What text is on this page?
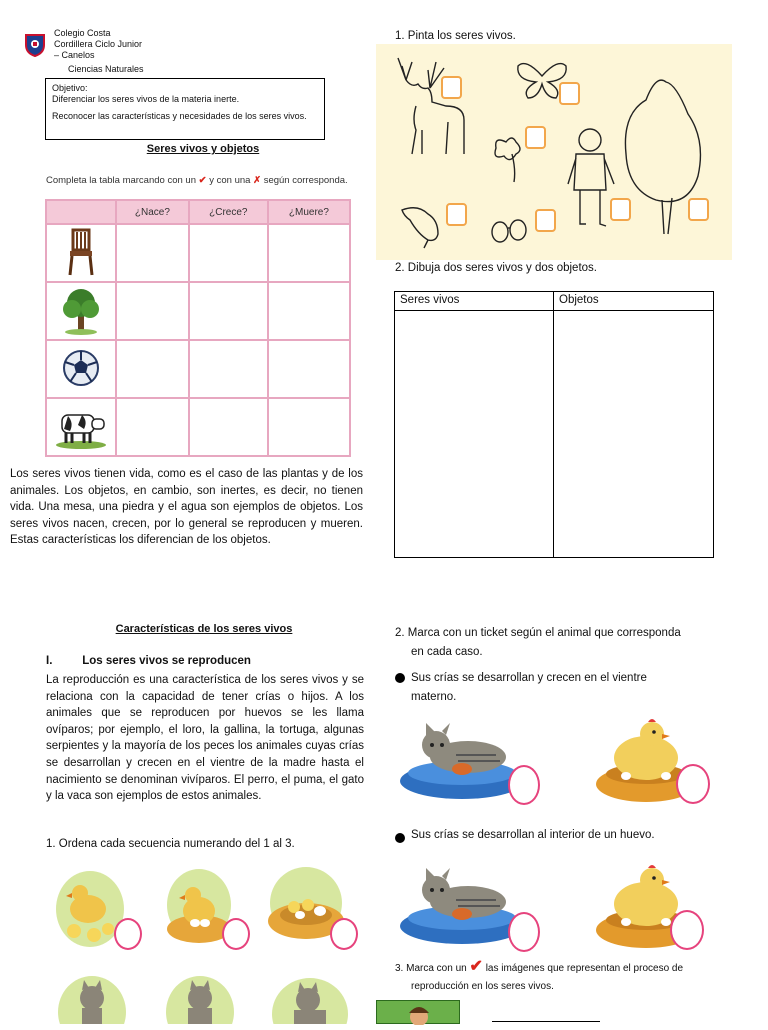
Colegio Costa
Cordillera Ciclo Junior
– Canelos
Ciencias Naturales
Objetivo:
Diferenciar los seres vivos de la materia inerte.
Reconocer las características y necesidades de los seres vivos.
Seres vivos y objetos
Completa la tabla marcando con un ✔ y con una ✗ según corresponda.
	¿Nace?	¿Crece?	¿Muere?

Los seres vivos tienen vida, como es el caso de las plantas y de los animales. Los objetos, en cambio, son inertes, es decir, no tienen vida. Una mesa, una piedra y el agua son ejemplos de objetos. Los seres vivos nacen, crecen, por lo general se reproducen y mueren. Estas características los diferencian de los objetos.
Características de los seres vivos
I.	Los seres vivos se reproducen
La reproducción es una característica de los seres vivos y se relaciona con la capacidad de tener crías o hijos. A los animales que se reproducen por huevos se les llama ovíparos; por ejemplo, el loro, la gallina, la tortuga, algunas serpientes y la mayoría de los peces los animales cuyas crías se desarrollan y crecen en el vientre de la madre hasta el nacimiento se denominan vivíparos. El perro, el puma, el gato y la vaca son ejemplos de estos animales.
1. Ordena cada secuencia numerando del 1 al 3.
1. Pinta los seres vivos.
2. Dibuja dos seres vivos y dos objetos.
Seres vivos	Objetos
2. Marca con un ticket según el animal que corresponda
en cada caso.
Sus crías se desarrollan y crecen en el vientre
materno.
Sus crías se desarrollan al interior de un huevo.
3. Marca con un ✔ las imágenes que representan el proceso de
reproducción en los seres vivos.
